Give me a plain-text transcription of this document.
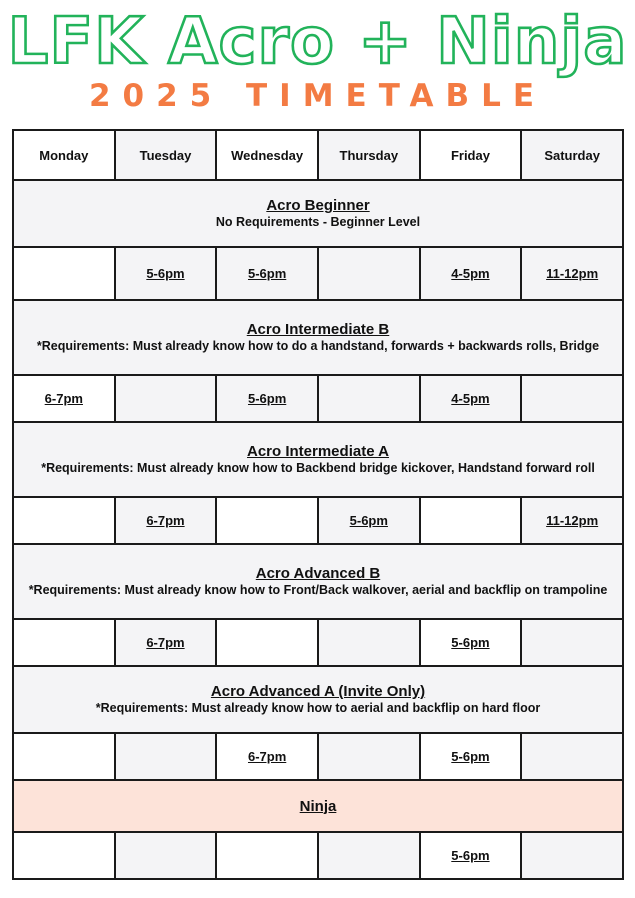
LFK Acro + Ninja
2025 TIMETABLE
Monday	Tuesday	Wednesday	Thursday	Friday	Saturday

Acro Beginner
No Requirements - Beginner Level					

	5-6pm	5-6pm		4-5pm	11-12pm

Acro Intermediate B
*Requirements: Must already know how to do a handstand, forwards + backwards rolls, Bridge					

6-7pm		5-6pm		4-5pm	

Acro Intermediate A
*Requirements: Must already know how to Backbend bridge kickover, Handstand forward roll					

	6-7pm		5-6pm		11-12pm

Acro Advanced B
*Requirements: Must already know how to Front/Back walkover, aerial and backflip on trampoline					

	6-7pm			5-6pm	

Acro Advanced A (Invite Only)
*Requirements: Must already know how to aerial and backflip on hard floor					

		6-7pm		5-6pm	

Ninja					

				5-6pm	
